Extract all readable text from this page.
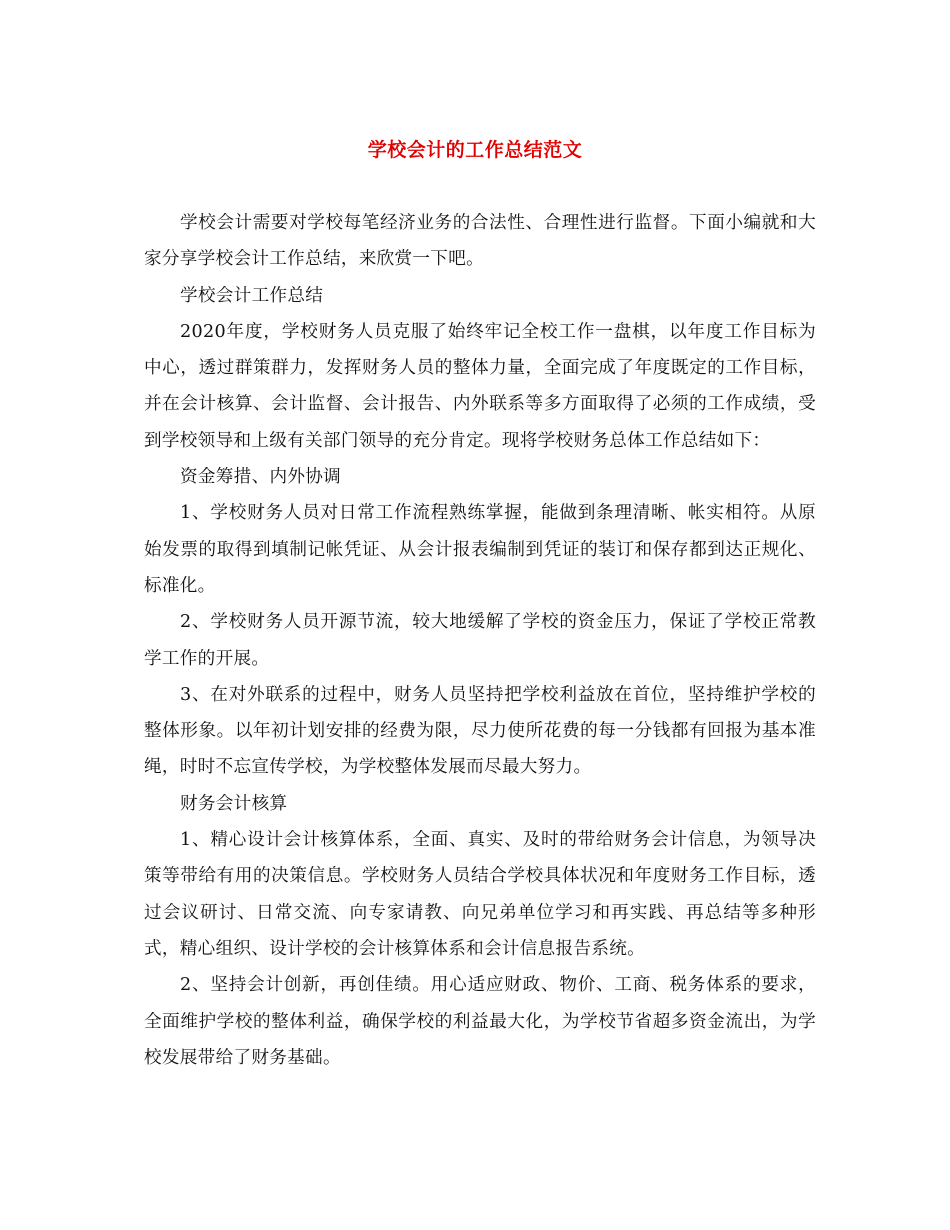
学校会计的工作总结范文

学校会计需要对学校每笔经济业务的合法性、合理性进行监督。下面小编就和大家分享学校会计工作总结，来欣赏一下吧。

学校会计工作总结

2020年度，学校财务人员克服了始终牢记全校工作一盘棋，以年度工作目标为中心，透过群策群力，发挥财务人员的整体力量，全面完成了年度既定的工作目标，并在会计核算、会计监督、会计报告、内外联系等多方面取得了必须的工作成绩，受到学校领导和上级有关部门领导的充分肯定。现将学校财务总体工作总结如下：

资金筹措、内外协调

1、学校财务人员对日常工作流程熟练掌握，能做到条理清晰、帐实相符。从原始发票的取得到填制记帐凭证、从会计报表编制到凭证的装订和保存都到达正规化、标准化。

2、学校财务人员开源节流，较大地缓解了学校的资金压力，保证了学校正常教学工作的开展。

3、在对外联系的过程中，财务人员坚持把学校利益放在首位，坚持维护学校的整体形象。以年初计划安排的经费为限，尽力使所花费的每一分钱都有回报为基本准绳，时时不忘宣传学校，为学校整体发展而尽最大努力。

财务会计核算

1、精心设计会计核算体系，全面、真实、及时的带给财务会计信息，为领导决策等带给有用的决策信息。学校财务人员结合学校具体状况和年度财务工作目标，透过会议研讨、日常交流、向专家请教、向兄弟单位学习和再实践、再总结等多种形式，精心组织、设计学校的会计核算体系和会计信息报告系统。

2、坚持会计创新，再创佳绩。用心适应财政、物价、工商、税务体系的要求，全面维护学校的整体利益，确保学校的利益最大化，为学校节省超多资金流出，为学校发展带给了财务基础。
